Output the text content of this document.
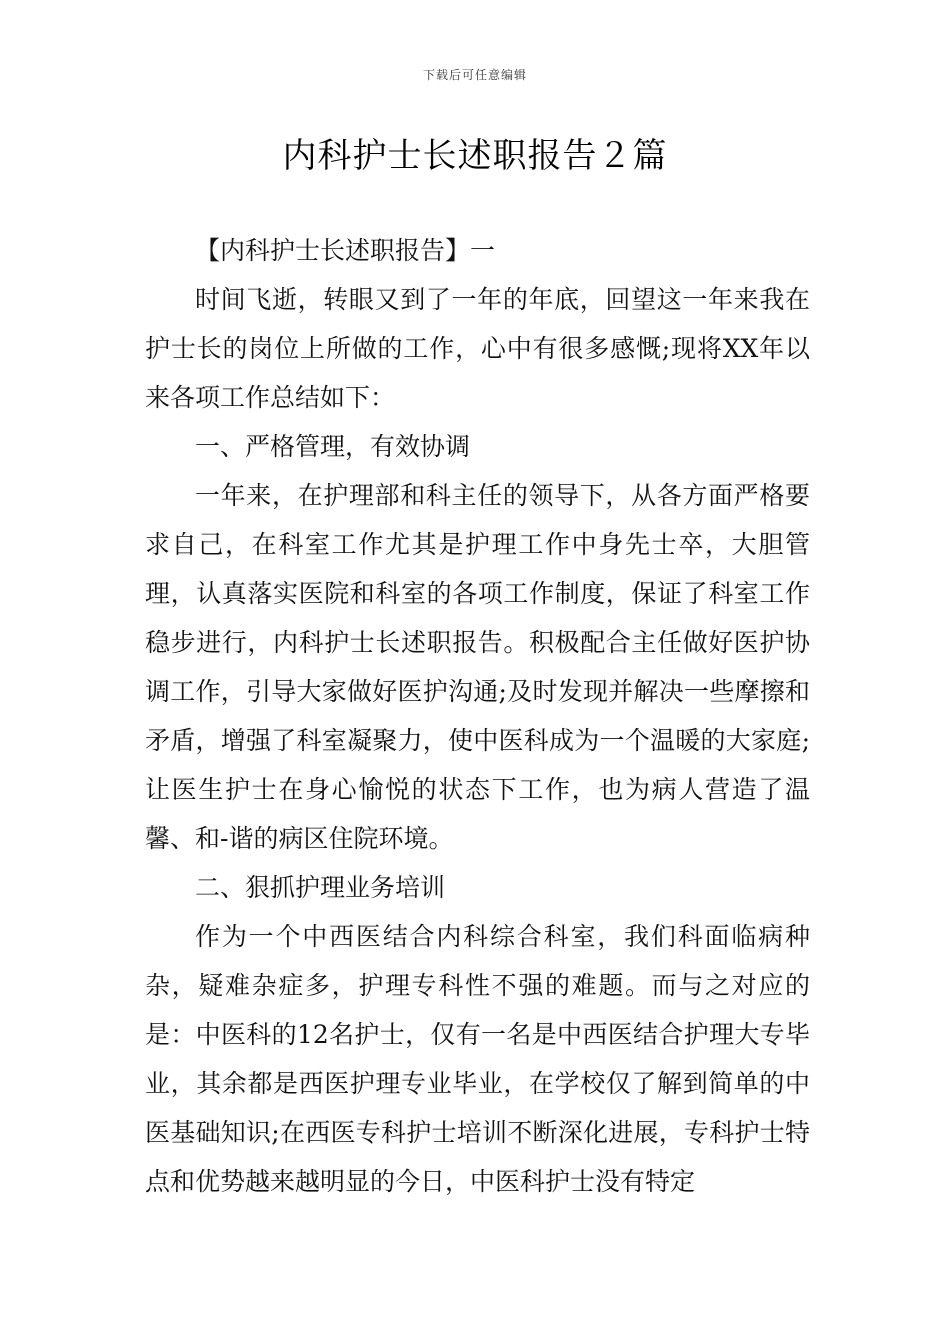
下载后可任意编辑
内科护士长述职报告２篇

【内科护士长述职报告】一

时间飞逝，转眼又到了一年的年底，回望这一年来我在护士长的岗位上所做的工作，心中有很多感慨;现将XX年以来各项工作总结如下：

一、严格管理，有效协调

一年来，在护理部和科主任的领导下，从各方面严格要求自己，在科室工作尤其是护理工作中身先士卒，大胆管理，认真落实医院和科室的各项工作制度，保证了科室工作稳步进行，内科护士长述职报告。积极配合主任做好医护协调工作，引导大家做好医护沟通;及时发现并解决一些摩擦和矛盾，增强了科室凝聚力，使中医科成为一个温暖的大家庭;让医生护士在身心愉悦的状态下工作，也为病人营造了温馨、和-谐的病区住院环境。

二、狠抓护理业务培训

作为一个中西医结合内科综合科室，我们科面临病种杂，疑难杂症多，护理专科性不强的难题。而与之对应的是：中医科的12名护士，仅有一名是中西医结合护理大专毕业，其余都是西医护理专业毕业，在学校仅了解到简单的中医基础知识;在西医专科护士培训不断深化进展，专科护士特点和优势越来越明显的今日，中医科护士没有特定
